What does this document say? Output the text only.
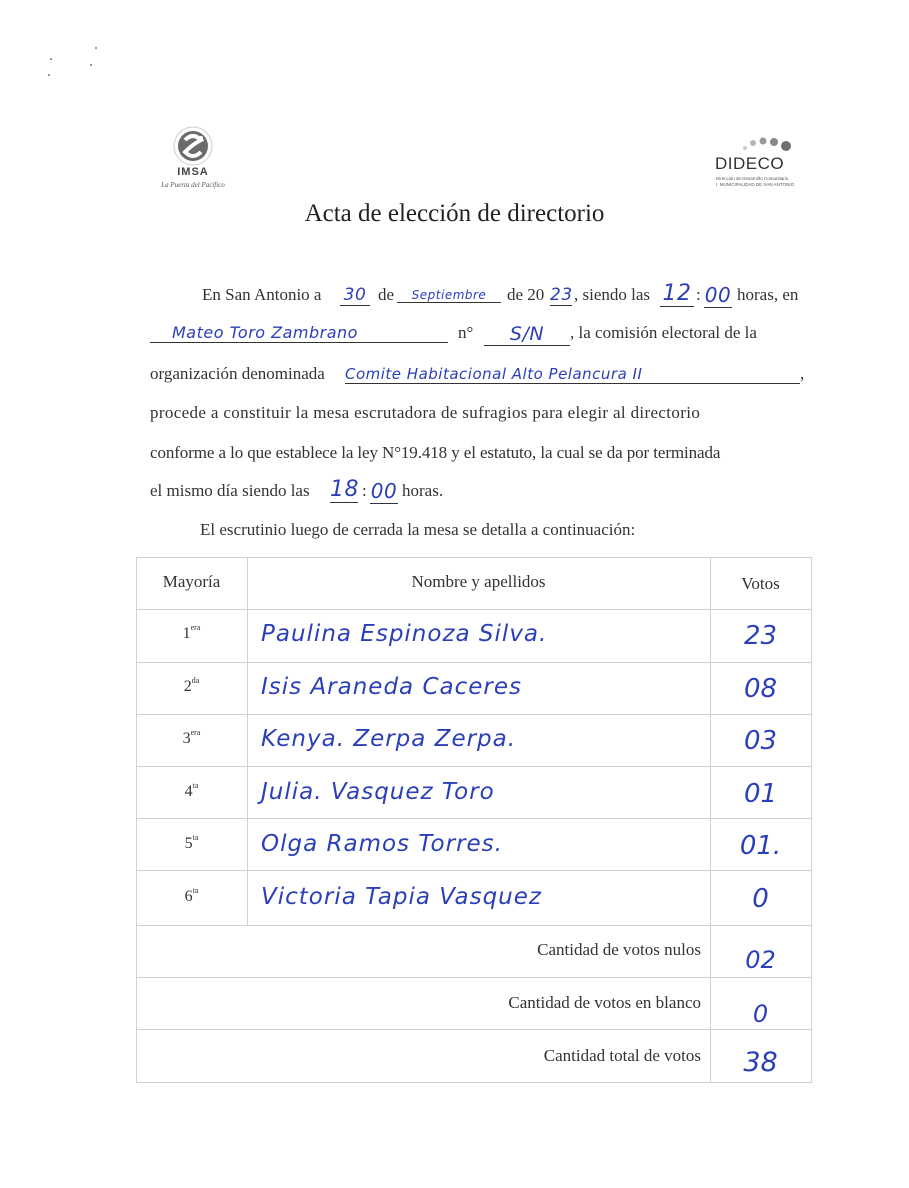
IMSA
La Puerta del Pacífico
DIDECO
Dirección de Desarrollo Comunitario
I. MUNICIPALIDAD DE SAN ANTONIO
Acta de elección de directorio
En San Antonio a 30 de	Septiembre	de 20 23 , siendo las 12 : 00 horas, en
Mateo Toro Zambrano	n°	S/N	, la comisión electoral de la
organización denominada Comite Habitacional Alto Pelancura II	,
procede a constituir la mesa escrutadora de sufragios para elegir al directorio
conforme a lo que establece la ley N°19.418 y el estatuto, la cual se da por terminada
el mismo día siendo las 18 : 00 horas.
El escrutinio luego de cerrada la mesa se detalla a continuación:
Mayoría	Nombre y apellidos	Votos
$1^{era}$	Paulina Espinoza Silva.	23
$2^{da}$	Isis Araneda Caceres	08
$3^{era}$	Kenya. Zerpa Zerpa.	03
$4^{ta}$	Julia. Vasquez Toro	01
$5^{ta}$	Olga Ramos Torres.	01.
$6^{ta}$	Victoria Tapia Vasquez	0
Cantidad de votos nulos	02
Cantidad de votos en blanco	0
Cantidad total de votos	38
